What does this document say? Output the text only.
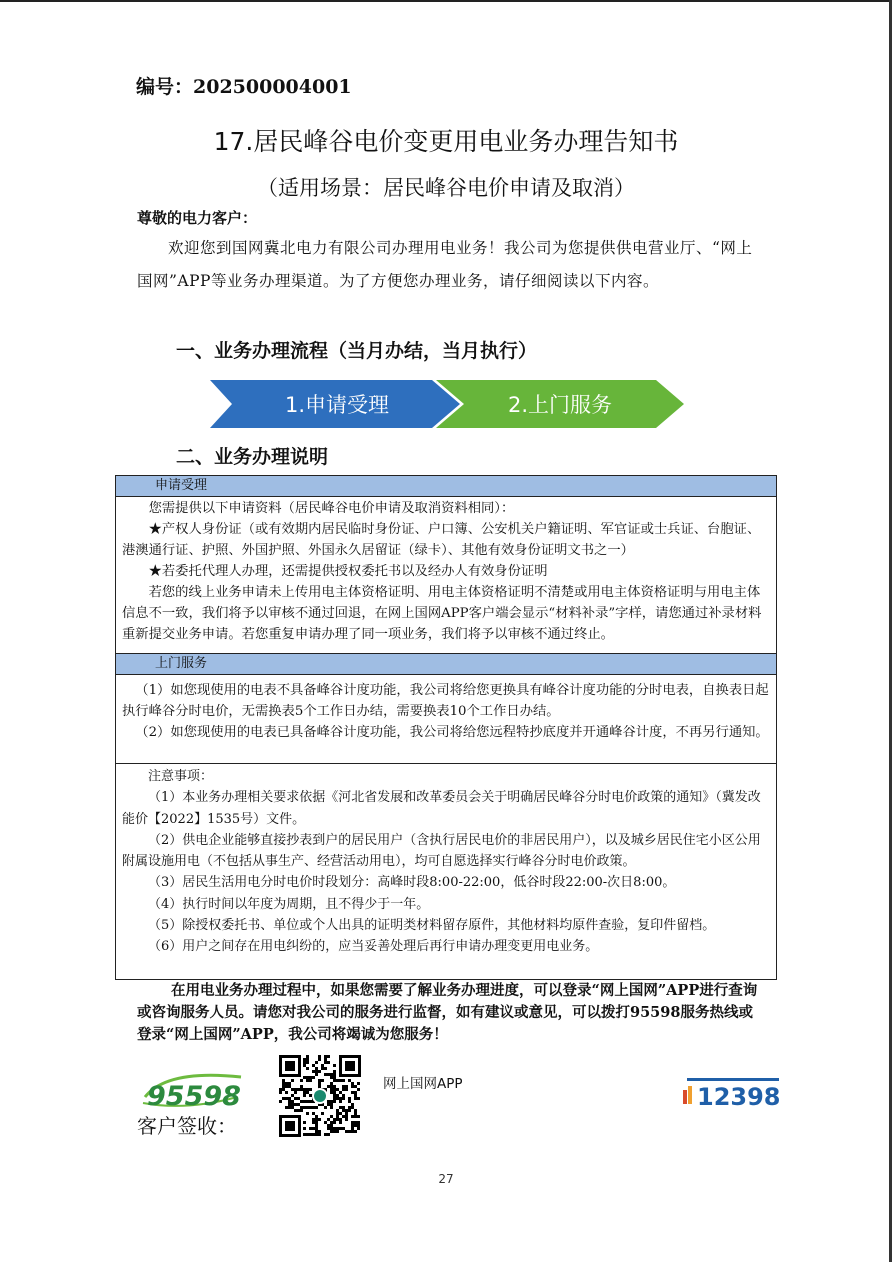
编号：202500004001
17.居民峰谷电价变更用电业务办理告知书
（适用场景：居民峰谷电价申请及取消）
尊敬的电力客户：
欢迎您到国网冀北电力有限公司办理用电业务！我公司为您提供供电营业厅、“网上国网”APP等业务办理渠道。为了方便您办理业务，请仔细阅读以下内容。
一、业务办理流程（当月办结，当月执行）
1.申请受理	2.上门服务
二、业务办理说明
申请受理

您需提供以下申请资料（居民峰谷电价申请及取消资料相同）：

★产权人身份证（或有效期内居民临时身份证、户口簿、公安机关户籍证明、军官证或士兵证、台胞证、港澳通行证、护照、外国护照、外国永久居留证（绿卡）、其他有效身份证明文书之一）

★若委托代理人办理，还需提供授权委托书以及经办人有效身份证明

若您的线上业务申请未上传用电主体资格证明、用电主体资格证明不清楚或用电主体资格证明与用电主体信息不一致，我们将予以审核不通过回退，在网上国网APP客户端会显示“材料补录”字样，请您通过补录材料重新提交业务申请。若您重复申请办理了同一项业务，我们将予以审核不通过终止。

上门服务

（1）如您现使用的电表不具备峰谷计度功能，我公司将给您更换具有峰谷计度功能的分时电表，自换表日起执行峰谷分时电价，无需换表5个工作日办结，需要换表10个工作日办结。

（2）如您现使用的电表已具备峰谷计度功能，我公司将给您远程特抄底度并开通峰谷计度，不再另行通知。

注意事项：

（1）本业务办理相关要求依据《河北省发展和改革委员会关于明确居民峰谷分时电价政策的通知》（冀发改能价【2022】1535号）文件。

（2）供电企业能够直接抄表到户的居民用户（含执行居民电价的非居民用户），以及城乡居民住宅小区公用附属设施用电（不包括从事生产、经营活动用电），均可自愿选择实行峰谷分时电价政策。

（3）居民生活用电分时电价时段划分：高峰时段8:00-22:00，低谷时段22:00-次日8:00。

（4）执行时间以年度为周期，且不得少于一年。

（5）除授权委托书、单位或个人出具的证明类材料留存原件，其他材料均原件查验，复印件留档。

（6）用户之间存在用电纠纷的，应当妥善处理后再行申请办理变更用电业务。

在用电业务办理过程中，如果您需要了解业务办理进度，可以登录“网上国网”APP进行查询或咨询服务人员。请您对我公司的服务进行监督，如有建议或意见，可以拨打95598服务热线或登录“网上国网”APP，我公司将竭诚为您服务！
95598
客户签收：
网上国网APP	12398
27
